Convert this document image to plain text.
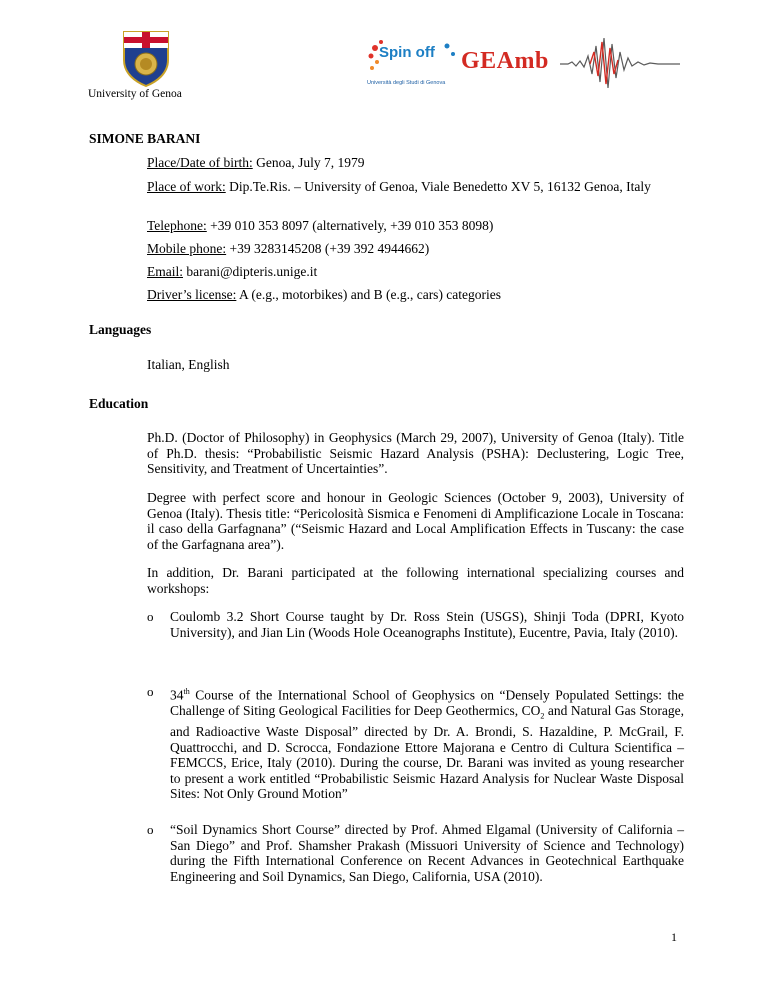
University of Genoa
Spin off
Università degli Studi di Genova
GEAmb
SIMONE BARANI
Place/Date of birth: Genoa, July 7, 1979
Place of work: Dip.Te.Ris. – University of Genoa, Viale Benedetto XV 5, 16132 Genoa, Italy
Telephone: +39 010 353 8097 (alternatively, +39 010 353 8098)
Mobile phone: +39 3283145208 (+39 392 4944662)
Email: barani@dipteris.unige.it
Driver’s license: A (e.g., motorbikes) and B (e.g., cars) categories
Languages
Italian, English
Education
Ph.D. (Doctor of Philosophy) in Geophysics (March 29, 2007), University of Genoa (Italy). Title of Ph.D. thesis: “Probabilistic Seismic Hazard Analysis (PSHA): Declustering, Logic Tree, Sensitivity, and Treatment of Uncertainties”.
Degree with perfect score and honour in Geologic Sciences (October 9, 2003), University of Genoa (Italy). Thesis title: “Pericolosità Sismica e Fenomeni di Amplificazione Locale in Toscana: il caso della Garfagnana” (“Seismic Hazard and Local Amplification Effects in Tuscany: the case of the Garfagnana area”).
In addition, Dr. Barani participated at the following international specializing courses and workshops:
o Coulomb 3.2 Short Course taught by Dr. Ross Stein (USGS), Shinji Toda (DPRI, Kyoto University), and Jian Lin (Woods Hole Oceanographs Institute), Eucentre, Pavia, Italy (2010).
o 34th Course of the International School of Geophysics on “Densely Populated Settings: the Challenge of Siting Geological Facilities for Deep Geothermics, $CO_2$ and Natural Gas Storage, and Radioactive Waste Disposal” directed by Dr. A. Brondi, S. Hazaldine, P. McGrail, F. Quattrocchi, and D. Scrocca, Fondazione Ettore Majorana e Centro di Cultura Scientifica – FEMCCS, Erice, Italy (2010). During the course, Dr. Barani was invited as young researcher to present a work entitled “Probabilistic Seismic Hazard Analysis for Nuclear Waste Disposal Sites: Not Only Ground Motion”
o “Soil Dynamics Short Course” directed by Prof. Ahmed Elgamal (University of California – San Diego” and Prof. Shamsher Prakash (Missuori University of Science and Technology) during the Fifth International Conference on Recent Advances in Geotechnical Earthquake Engineering and Soil Dynamics, San Diego, California, USA (2010).
1
